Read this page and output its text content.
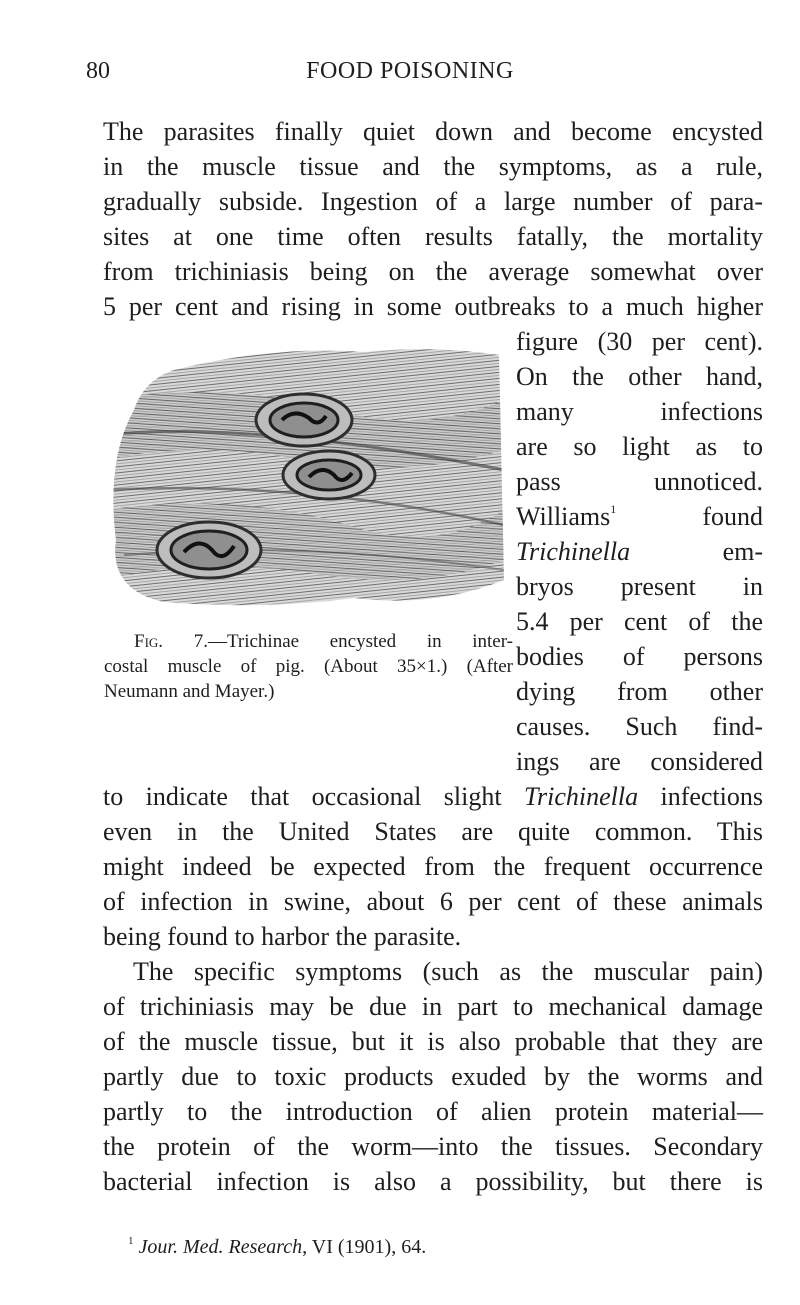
80	FOOD POISONING
The parasites finally quiet down and become encysted
in the muscle tissue and the symptoms, as a rule,
gradually subside. Ingestion of a large number of para-
sites at one time often results fatally, the mortality
from trichiniasis being on the average somewhat over
5 per cent and rising in some outbreaks to a much higher
figure (30 per cent).
On the other hand,
many infections
are so light as to
pass unnoticed.
Williams$^1$	found
Trichinella	em-
bryos present in
5.4 per cent of the
bodies of persons
dying from other
causes. Such find-
ings are considered
to indicate that occasional slight Trichinella infections
even in the United States are quite common. This
might indeed be expected from the frequent occurrence
of infection in swine, about 6 per cent of these animals
being found to harbor the parasite.
The specific symptoms (such as the muscular pain)
of trichiniasis may be due in part to mechanical damage
of the muscle tissue, but it is also probable that they are
partly due to toxic products exuded by the worms and
partly to the introduction of alien protein material—
the protein of the worm—into the tissues. Secondary
bacterial infection is also a possibility, but there is
Fig. 7.—Trichinae encysted in inter-
costal muscle of pig. (About 35×1.) (After
Neumann and Mayer.)
$^1$ Jour. Med. Research, VI (1901), 64.
